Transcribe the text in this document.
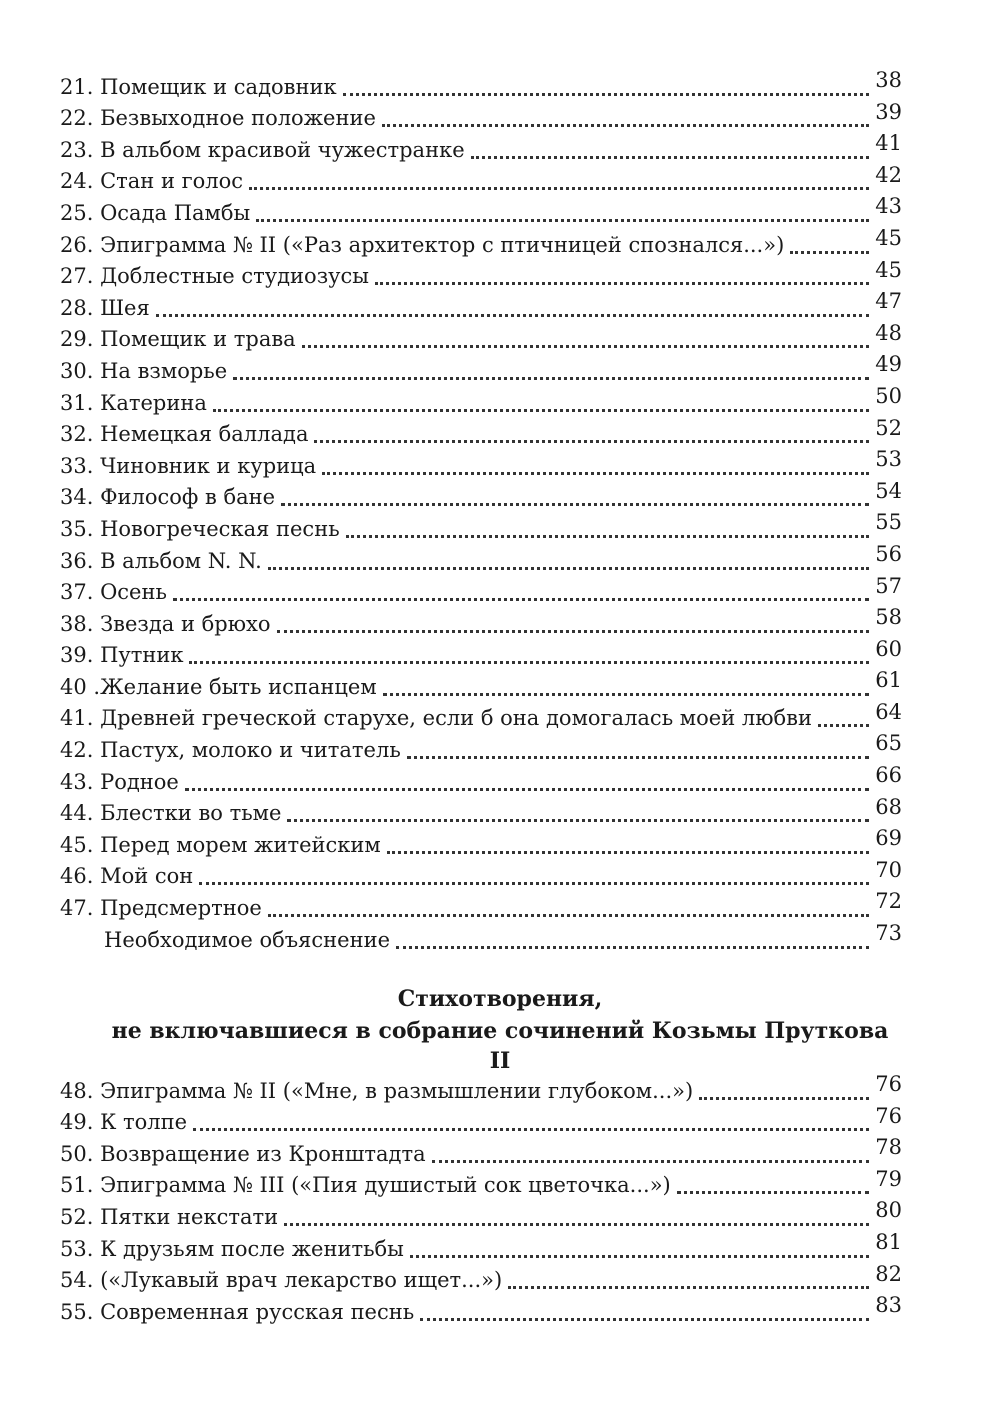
21. Помещик и садовник	38
22. Безвыходное положение	39
23. В альбом красивой чужестранке	41
24. Стан и голос	42
25. Осада Памбы	43
26. Эпиграмма № II («Раз архитектор с птичницей спознался...»)	45
27. Доблестные студиозусы	45
28. Шея	47
29. Помещик и трава	48
30. На взморье	49
31. Катерина	50
32. Немецкая баллада	52
33. Чиновник и курица	53
34. Философ в бане	54
35. Новогреческая песнь	55
36. В альбом N. N.	56
37. Осень	57
38. Звезда и брюхо	58
39. Путник	60
40 .Желание быть испанцем	61
41. Древней греческой старухе, если б она домогалась моей любви	64
42. Пастух, молоко и читатель	65
43. Родное	66
44. Блестки во тьме	68
45. Перед морем житейским	69
46. Мой сон	70
47. Предсмертное	72
Необходимое объяснение	73
Стихотворения,
не включавшиеся в собрание сочинений Козьмы Пруткова
II
48. Эпиграмма № II («Мне, в размышлении глубоком...»)	76
49. К толпе	76
50. Возвращение из Кронштадта	78
51. Эпиграмма № III («Пия душистый сок цветочка...»)	79
52. Пятки некстати	80
53. К друзьям после женитьбы	81
54. («Лукавый врач лекарство ищет...»)	82
55. Современная русская песнь	83
